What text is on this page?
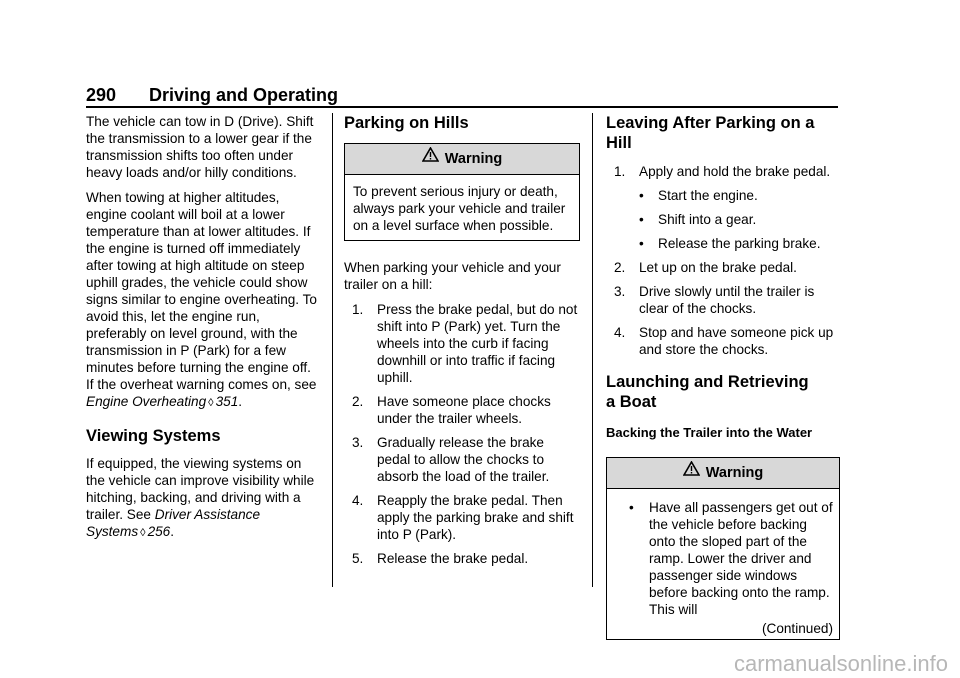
290 Driving and Operating

The vehicle can tow in D (Drive). Shift the transmission to a lower gear if the transmission shifts too often under heavy loads and/or hilly conditions.

When towing at higher altitudes, engine coolant will boil at a lower temperature than at lower altitudes. If the engine is turned off immediately after towing at high altitude on steep uphill grades, the vehicle could show signs similar to engine overheating. To avoid this, let the engine run, preferably on level ground, with the transmission in P (Park) for a few minutes before turning the engine off. If the overheat warning comes on, see Engine Overheating ◊ 351.

Viewing Systems

If equipped, the viewing systems on the vehicle can improve visibility while hitching, backing, and driving with a trailer. See Driver Assistance Systems ◊ 256.

Parking on Hills
Warning
To prevent serious injury or death, always park your vehicle and trailer on a level surface when possible.

When parking your vehicle and your trailer on a hill:

1. Press the brake pedal, but do not shift into P (Park) yet. Turn the wheels into the curb if facing downhill or into traffic if facing uphill.
2. Have someone place chocks under the trailer wheels.
3. Gradually release the brake pedal to allow the chocks to absorb the load of the trailer.
4. Reapply the brake pedal. Then apply the parking brake and shift into P (Park).
5. Release the brake pedal.
Leaving After Parking on a Hill
1. Apply and hold the brake pedal.
• Start the engine.
• Shift into a gear.
• Release the parking brake.
2. Let up on the brake pedal.
3. Drive slowly until the trailer is clear of the chocks.
4. Stop and have someone pick up and store the chocks.
Launching and Retrieving
a Boat
Backing the Trailer into the Water
Warning
• Have all passengers get out of the vehicle before backing onto the sloped part of the ramp. Lower the driver and passenger side windows before backing onto the ramp. This will
(Continued)
carmanualsonline.info
